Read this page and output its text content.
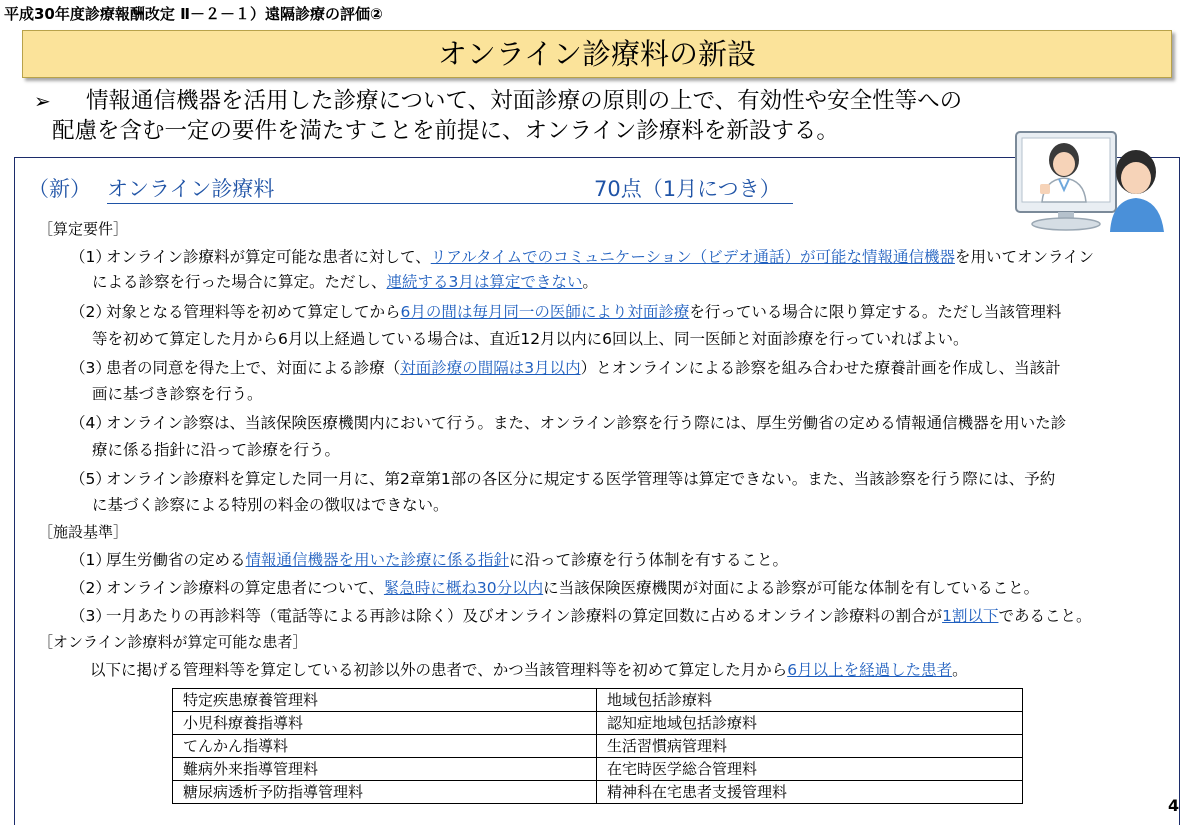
平成30年度診療報酬改定 Ⅱ－２－１）遠隔診療の評価②
オンライン診療料の新設
➢	情報通信機器を活用した診療について、対面診療の原則の上で、有効性や安全性等への
配慮を含む一定の要件を満たすことを前提に、オンライン診療料を新設する。
（新） オンライン診療料	70点（1月につき）
［算定要件］
（1）オンライン診療料が算定可能な患者に対して、リアルタイムでのコミュニケーション（ビデオ通話）が可能な情報通信機器を用いてオンライン
による診察を行った場合に算定。ただし、連続する3月は算定できない。
（2）対象となる管理料等を初めて算定してから6月の間は毎月同一の医師により対面診療を行っている場合に限り算定する。ただし当該管理料
等を初めて算定した月から6月以上経過している場合は、直近12月以内に6回以上、同一医師と対面診療を行っていればよい。
（3）患者の同意を得た上で、対面による診療（対面診療の間隔は3月以内）とオンラインによる診察を組み合わせた療養計画を作成し、当該計
画に基づき診察を行う。
（4）オンライン診察は、当該保険医療機関内において行う。また、オンライン診察を行う際には、厚生労働省の定める情報通信機器を用いた診
療に係る指針に沿って診療を行う。
（5）オンライン診療料を算定した同一月に、第2章第1部の各区分に規定する医学管理等は算定できない。また、当該診察を行う際には、予約
に基づく診察による特別の料金の徴収はできない。
［施設基準］
（1）厚生労働省の定める情報通信機器を用いた診療に係る指針に沿って診療を行う体制を有すること。
（2）オンライン診療料の算定患者について、緊急時に概ね30分以内に当該保険医療機関が対面による診察が可能な体制を有していること。
（3）一月あたりの再診料等（電話等による再診は除く）及びオンライン診療料の算定回数に占めるオンライン診療料の割合が1割以下であること。
［オンライン診療料が算定可能な患者］
以下に掲げる管理料等を算定している初診以外の患者で、かつ当該管理料等を初めて算定した月から6月以上を経過した患者。
特定疾患療養管理料	地域包括診療料
小児科療養指導料	認知症地域包括診療料
てんかん指導料	生活習慣病管理料
難病外来指導管理料	在宅時医学総合管理料
糖尿病透析予防指導管理料	精神科在宅患者支援管理料
4
